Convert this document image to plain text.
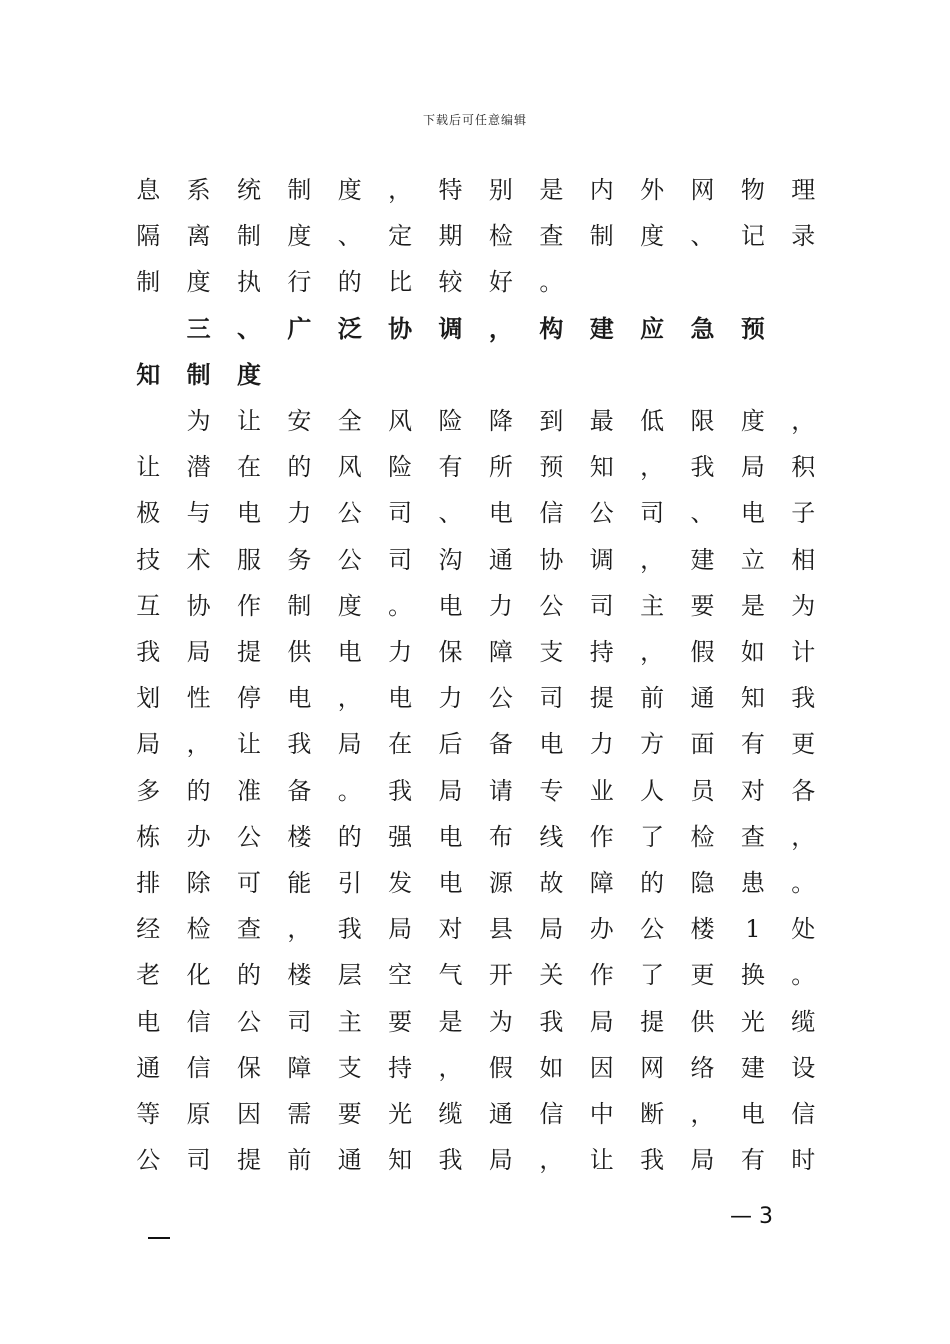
下载后可任意编辑
息 系 统 制 度 ， 特 别 是 内 外 网 物 理
隔 离 制 度 、 定 期 检 查 制 度 、 记 录
制 度 执 行 的 比 较 好 。
三 、 广 泛 协 调 ， 构 建 应 急 预
知 制 度
为 让 安 全 风 险 降 到 最 低 限 度 ，
让 潜 在 的 风 险 有 所 预 知 ， 我 局 积
极 与 电 力 公 司 、 电 信 公 司 、 电 子
技 术 服 务 公 司 沟 通 协 调 ， 建 立 相
互 协 作 制 度 。 电 力 公 司 主 要 是 为
我 局 提 供 电 力 保 障 支 持 ， 假 如 计
划 性 停 电 ， 电 力 公 司 提 前 通 知 我
局 ， 让 我 局 在 后 备 电 力 方 面 有 更
多 的 准 备 。 我 局 请 专 业 人 员 对 各
栋 办 公 楼 的 强 电 布 线 作 了 检 查 ，
排 除 可 能 引 发 电 源 故 障 的 隐 患 。
经 检 查 ， 我 局 对 县 局 办 公 楼 1 处
老 化 的 楼 层 空 气 开 关 作 了 更 换 。
电 信 公 司 主 要 是 为 我 局 提 供 光 缆
通 信 保 障 支 持 ， 假 如 因 网 络 建 设
等 原 因 需 要 光 缆 通 信 中 断 ， 电 信
公 司 提 前 通 知 我 局 ， 让 我 局 有 时
— 3
